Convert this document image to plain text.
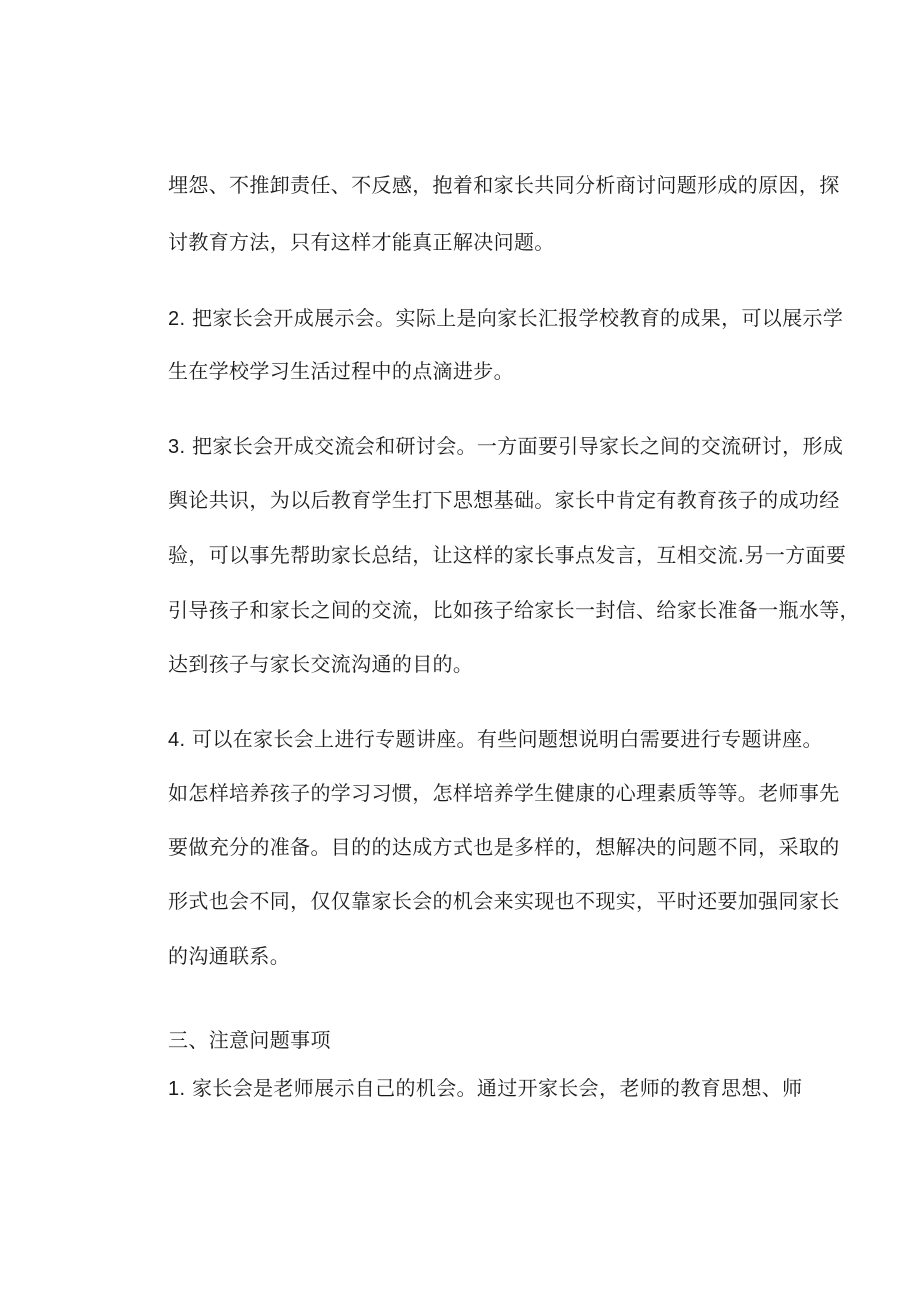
埋怨、不推卸责任、不反感，抱着和家长共同分析商讨问题形成的原因，探
讨教育方法，只有这样才能真正解决问题。
2. 把家长会开成展示会。实际上是向家长汇报学校教育的成果，可以展示学
生在学校学习生活过程中的点滴进步。
3. 把家长会开成交流会和研讨会。一方面要引导家长之间的交流研讨，形成
舆论共识，为以后教育学生打下思想基础。家长中肯定有教育孩子的成功经
验，可以事先帮助家长总结，让这样的家长事点发言，互相交流.另一方面要
引导孩子和家长之间的交流，比如孩子给家长一封信、给家长准备一瓶水等，
达到孩子与家长交流沟通的目的。
4. 可以在家长会上进行专题讲座。有些问题想说明白需要进行专题讲座。
如怎样培养孩子的学习习惯，怎样培养学生健康的心理素质等等。老师事先
要做充分的准备。目的的达成方式也是多样的，想解决的问题不同，采取的
形式也会不同，仅仅靠家长会的机会来实现也不现实，平时还要加强同家长
的沟通联系。
三、注意问题事项
1. 家长会是老师展示自己的机会。通过开家长会，老师的教育思想、师
